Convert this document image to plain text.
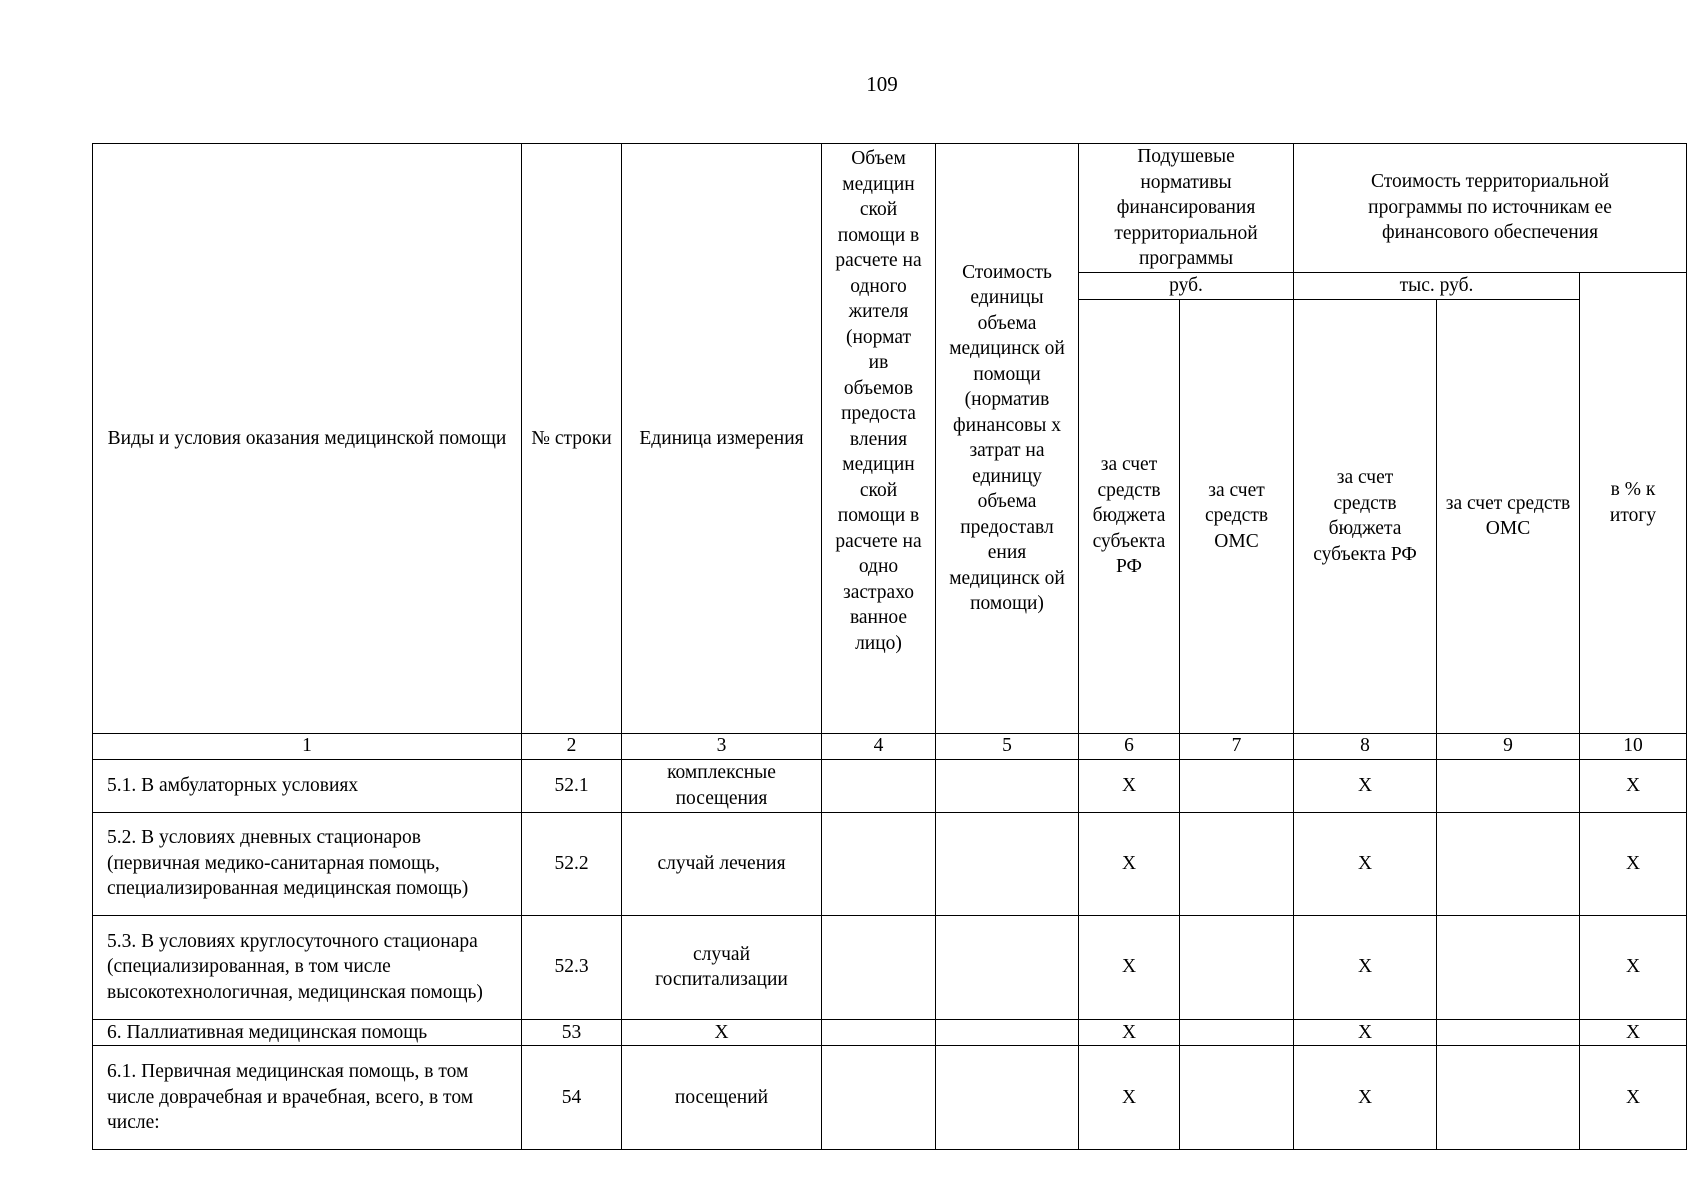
109
Виды и условия оказания медицинской помощи	№ строки	Единица измерения	Объем медицин ской помощи в расчете на одного жителя (нормат ив объемов предоста вления медицин ской помощи в расчете на одно застрахо ванное лицо)	Стоимость единицы объема медицинск ой помощи (норматив финансовы х затрат на единицу объема предоставл ения медицинск ой помощи)	Подушевые нормативы финансирования территориальной программы		Стоимость территориальной программы по источникам ее финансового обеспечения		
					руб.		тыс. руб.		в % к итогу
					за счет средств бюджета субъекта РФ	за счет средств ОМС	за счет средств бюджета субъекта РФ	за счет средств ОМС	
1	2	3	4	5	6	7	8	9	10
5.1. В амбулаторных условиях	52.1	комплексные посещения			X		X		X
5.2. В условиях дневных стационаров (первичная медико-санитарная помощь, специализированная медицинская помощь)	52.2	случай лечения			X		X		X
5.3. В условиях круглосуточного стационара (специализированная, в том числе высокотехнологичная, медицинская помощь)	52.3	случай госпитализации			X		X		X
6. Паллиативная медицинская помощь	53	X			X		X		X
6.1. Первичная медицинская помощь, в том
числе доврачебная и врачебная, всего, в том числе:	54	посещений			X		X		X
